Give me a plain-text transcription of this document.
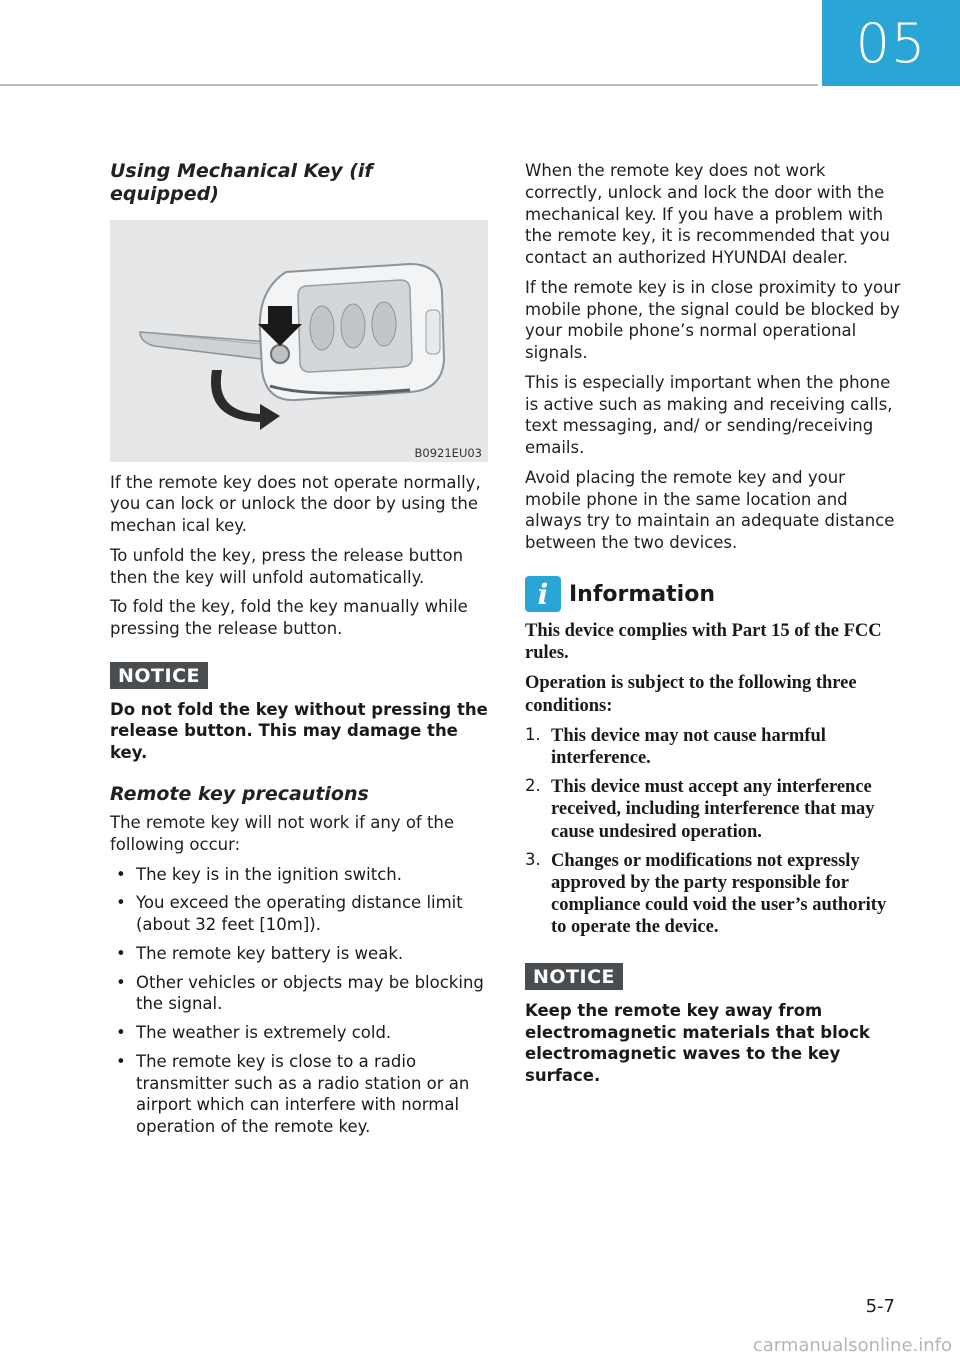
05
Using Mechanical Key (if equipped)
B0921EU03

If the remote key does not operate normally, you can lock or unlock the door by using the mechan ical key.

To unfold the key, press the release button then the key will unfold automatically.

To fold the key, fold the key manually while pressing the release button.

NOTICE

Do not fold the key without pressing the release button. This may damage the key.

Remote key precautions

The remote key will not work if any of the following occur:

• The key is in the ignition switch.
• You exceed the operating distance limit (about 32 feet [10m]).
• The remote key battery is weak.
• Other vehicles or objects may be blocking the signal.
• The weather is extremely cold.
• The remote key is close to a radio transmitter such as a radio station or an airport which can interfere with normal operation of the remote key.

When the remote key does not work correctly, unlock and lock the door with the mechanical key. If you have a problem with the remote key, it is recommended that you contact an authorized HYUNDAI dealer.

If the remote key is in close proximity to your mobile phone, the signal could be blocked by your mobile phone’s normal operational signals.

This is especially important when the phone is active such as making and receiving calls, text messaging, and/ or sending/receiving emails.

Avoid placing the remote key and your mobile phone in the same location and always try to maintain an adequate distance between the two devices.

i Information

This device complies with Part 15 of the FCC rules.

Operation is subject to the following three conditions:

1. This device may not cause harmful interference.
2. This device must accept any interference received, including interference that may cause undesired operation.
3. Changes or modifications not expressly approved by the party responsible for compliance could void the user’s authority to operate the device.
NOTICE

Keep the remote key away from electromagnetic materials that block electromagnetic waves to the key surface.

5-7
carmanualsonline.info
